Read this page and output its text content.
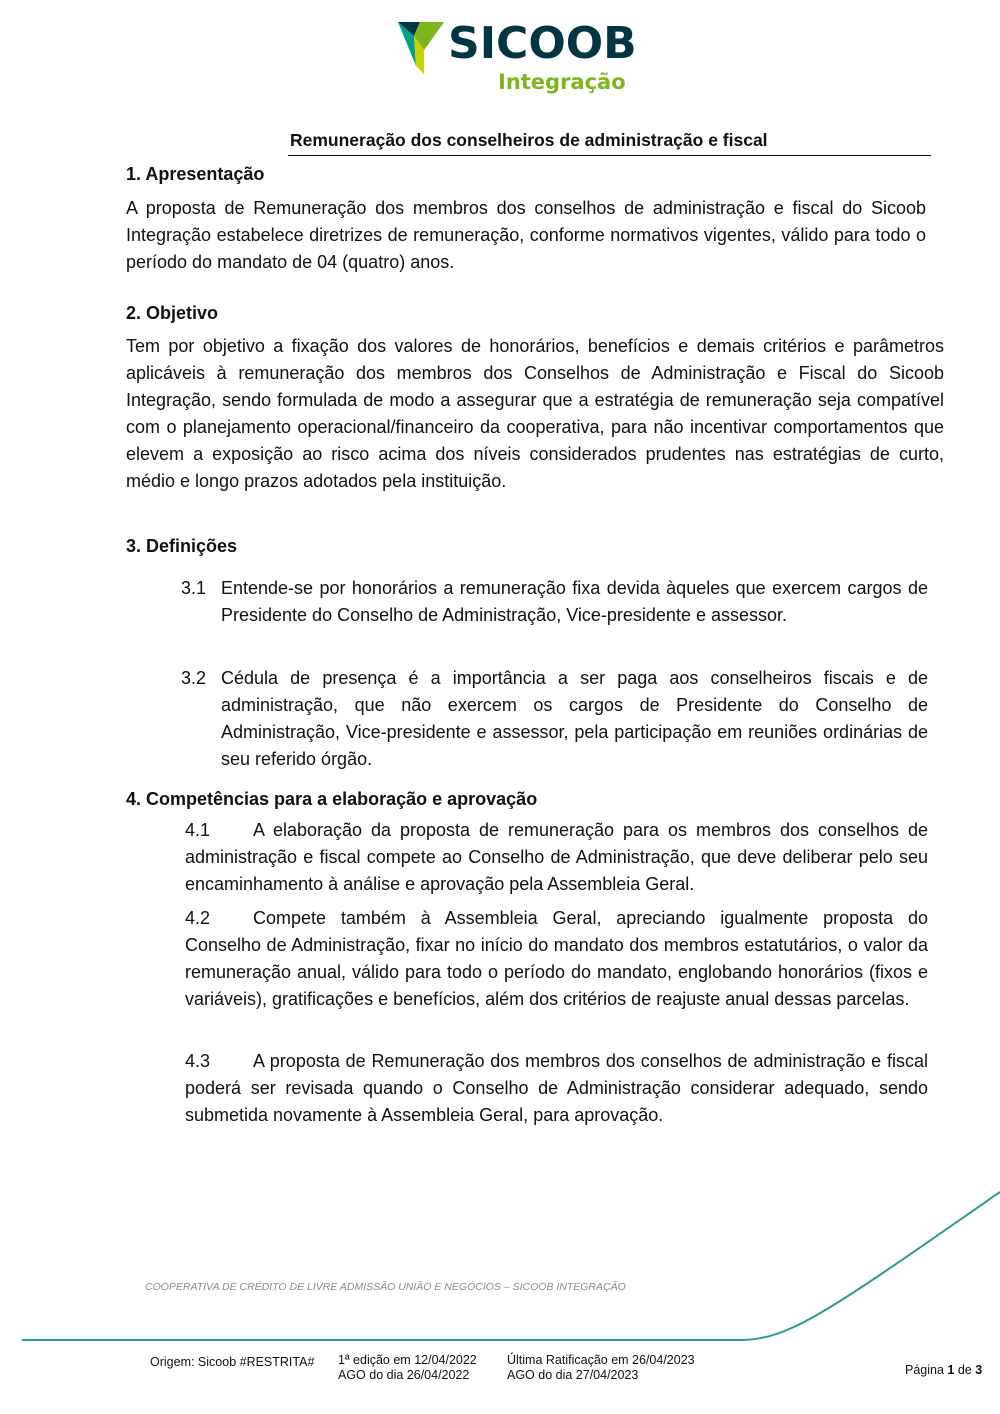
SICOOB
Integração
Remuneração dos conselheiros de administração e fiscal
1. Apresentação
A proposta de Remuneração dos membros dos conselhos de administração e fiscal do Sicoob Integração estabelece diretrizes de remuneração, conforme normativos vigentes, válido para todo o período do mandato de 04 (quatro) anos.
2. Objetivo
Tem por objetivo a fixação dos valores de honorários, benefícios e demais critérios e parâmetros aplicáveis à remuneração dos membros dos Conselhos de Administração e Fiscal do Sicoob Integração, sendo formulada de modo a assegurar que a estratégia de remuneração seja compatível com o planejamento operacional/financeiro da cooperativa, para não incentivar comportamentos que elevem a exposição ao risco acima dos níveis considerados prudentes nas estratégias de curto, médio e longo prazos adotados pela instituição.
3. Definições
3.1 Entende-se por honorários a remuneração fixa devida àqueles que exercem cargos de Presidente do Conselho de Administração, Vice-presidente e assessor.
3.2 Cédula de presença é a importância a ser paga aos conselheiros fiscais e de administração, que não exercem os cargos de Presidente do Conselho de Administração, Vice-presidente e assessor, pela participação em reuniões ordinárias de seu referido órgão.
4. Competências para a elaboração e aprovação
4.1 A elaboração da proposta de remuneração para os membros dos conselhos de administração e fiscal compete ao Conselho de Administração, que deve deliberar pelo seu encaminhamento à análise e aprovação pela Assembleia Geral.
4.2 Compete também à Assembleia Geral, apreciando igualmente proposta do Conselho de Administração, fixar no início do mandato dos membros estatutários, o valor da remuneração anual, válido para todo o período do mandato, englobando honorários (fixos e variáveis), gratificações e benefícios, além dos critérios de reajuste anual dessas parcelas.
4.3 A proposta de Remuneração dos membros dos conselhos de administração e fiscal poderá ser revisada quando o Conselho de Administração considerar adequado, sendo submetida novamente à Assembleia Geral, para aprovação.
COOPERATIVA DE CRÉDITO DE LIVRE ADMISSÃO UNIÃO E NEGÓCIOS – SICOOB INTEGRAÇÃO
Origem: Sicoob #RESTRITA# 1ª edição em 12/04/2022
AGO do dia 26/04/2022
Última Ratificação em 26/04/2023
AGO do dia 27/04/2023	Página 1 de 3
